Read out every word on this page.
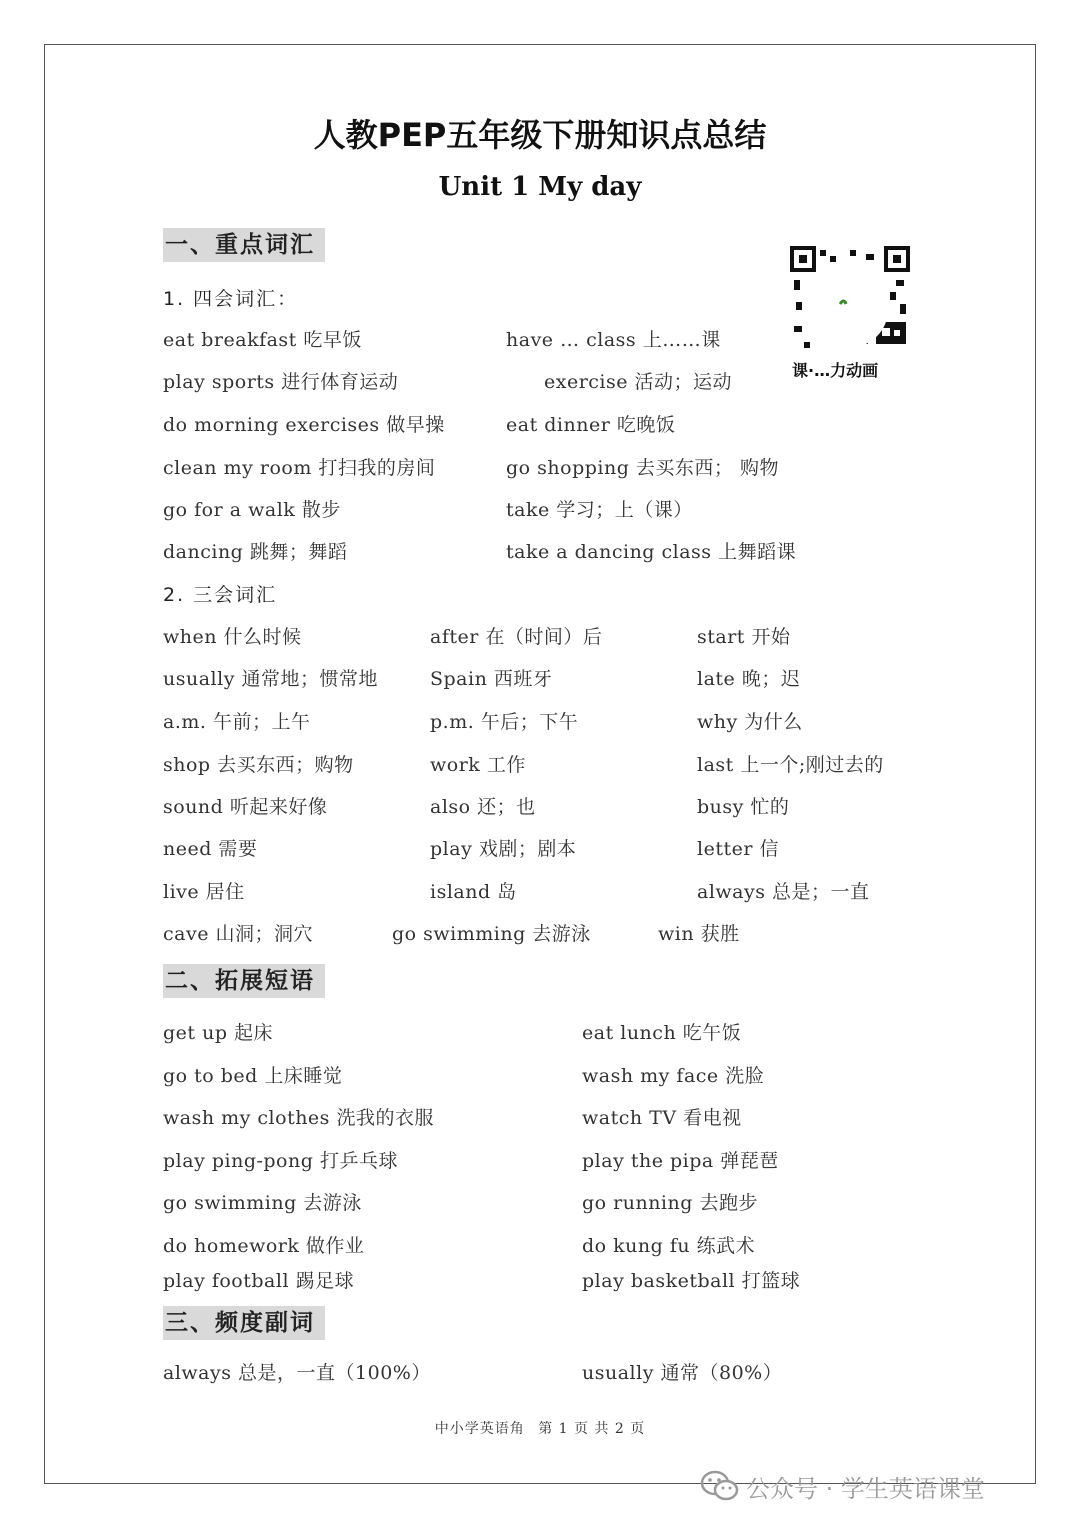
人教PEP五年级下册知识点总结
Unit 1 My day
一、重点词汇
1. 四会词汇：
课·…力动画
eat breakfast 吃早饭	have … class 上……课
play sports 进行体育运动	exercise 活动；运动
do morning exercises 做早操	eat dinner 吃晚饭
clean my room 打扫我的房间	go shopping 去买东西； 购物
go for a walk 散步	take 学习；上（课）
dancing 跳舞；舞蹈	take a dancing class 上舞蹈课
2. 三会词汇
when 什么时候	after 在（时间）后	start 开始
usually 通常地；惯常地	Spain 西班牙	late 晚；迟
a.m. 午前；上午	p.m. 午后；下午	why 为什么
shop 去买东西；购物	work 工作	last 上一个;刚过去的
sound 听起来好像	also 还；也	busy 忙的
need 需要	play 戏剧；剧本	letter 信
live 居住	island 岛	always 总是；一直
cave 山洞；洞穴	go swimming 去游泳	win 获胜
二、拓展短语
get up 起床	eat lunch 吃午饭
go to bed 上床睡觉	wash my face 洗脸
wash my clothes 洗我的衣服	watch TV 看电视
play ping-pong 打乒乓球	play the pipa 弹琵琶
go swimming 去游泳	go running 去跑步
do homework 做作业	do kung fu 练武术
play football 踢足球	play basketball 打篮球
三、频度副词
always 总是，一直（100%）	usually 通常（80%）
中小学英语角 第 1 页 共 2 页
公众号 · 学生英语课堂
